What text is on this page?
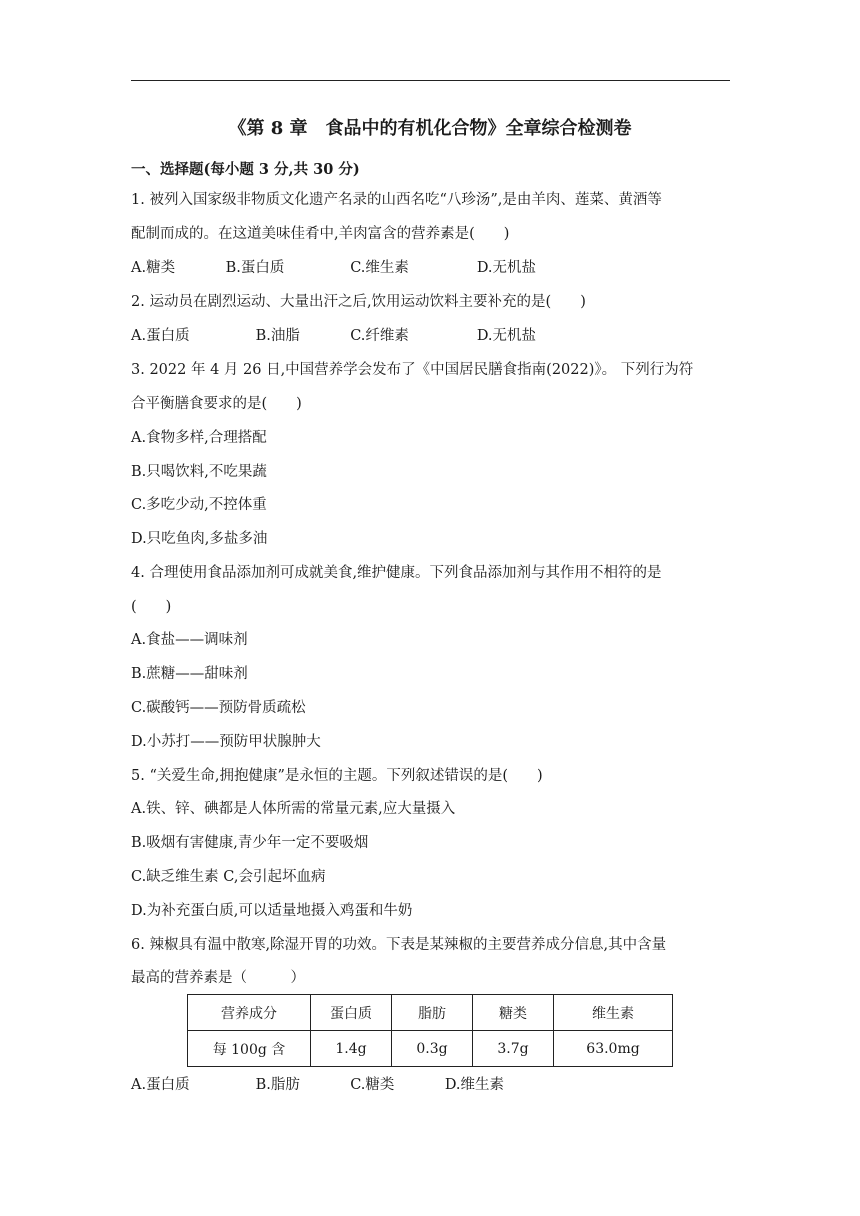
《第 8 章　食品中的有机化合物》全章综合检测卷
一、选择题(每小题 3 分,共 30 分)
1. 被列入国家级非物质文化遗产名录的山西名吃“八珍汤”,是由羊肉、莲菜、黄酒等
配制而成的。在这道美味佳肴中,羊肉富含的营养素是(　　)
A.糖类	B.蛋白质	C.维生素	D.无机盐
2. 运动员在剧烈运动、大量出汗之后,饮用运动饮料主要补充的是(　　)
A.蛋白质	B.油脂	C.纤维素	D.无机盐
3. 2022 年 4 月 26 日,中国营养学会发布了《中国居民膳食指南(2022)》。 下列行为符
合平衡膳食要求的是(　　)
A.食物多样,合理搭配
B.只喝饮料,不吃果蔬
C.多吃少动,不控体重
D.只吃鱼肉,多盐多油
4. 合理使用食品添加剂可成就美食,维护健康。下列食品添加剂与其作用不相符的是
(　　)
A.食盐——调味剂
B.蔗糖——甜味剂
C.碳酸钙——预防骨质疏松
D.小苏打——预防甲状腺肿大
5. “关爱生命,拥抱健康”是永恒的主题。下列叙述错误的是(　　)
A.铁、锌、碘都是人体所需的常量元素,应大量摄入
B.吸烟有害健康,青少年一定不要吸烟
C.缺乏维生素 C,会引起坏血病
D.为补充蛋白质,可以适量地摄入鸡蛋和牛奶
6. 辣椒具有温中散寒,除湿开胃的功效。下表是某辣椒的主要营养成分信息,其中含量
最高的营养素是（　　　）
营养成分	蛋白质	脂肪	糖类	维生素
每 100g 含	1.4g	0.3g	3.7g	63.0mg
A.蛋白质	B.脂肪	C.糖类	D.维生素
